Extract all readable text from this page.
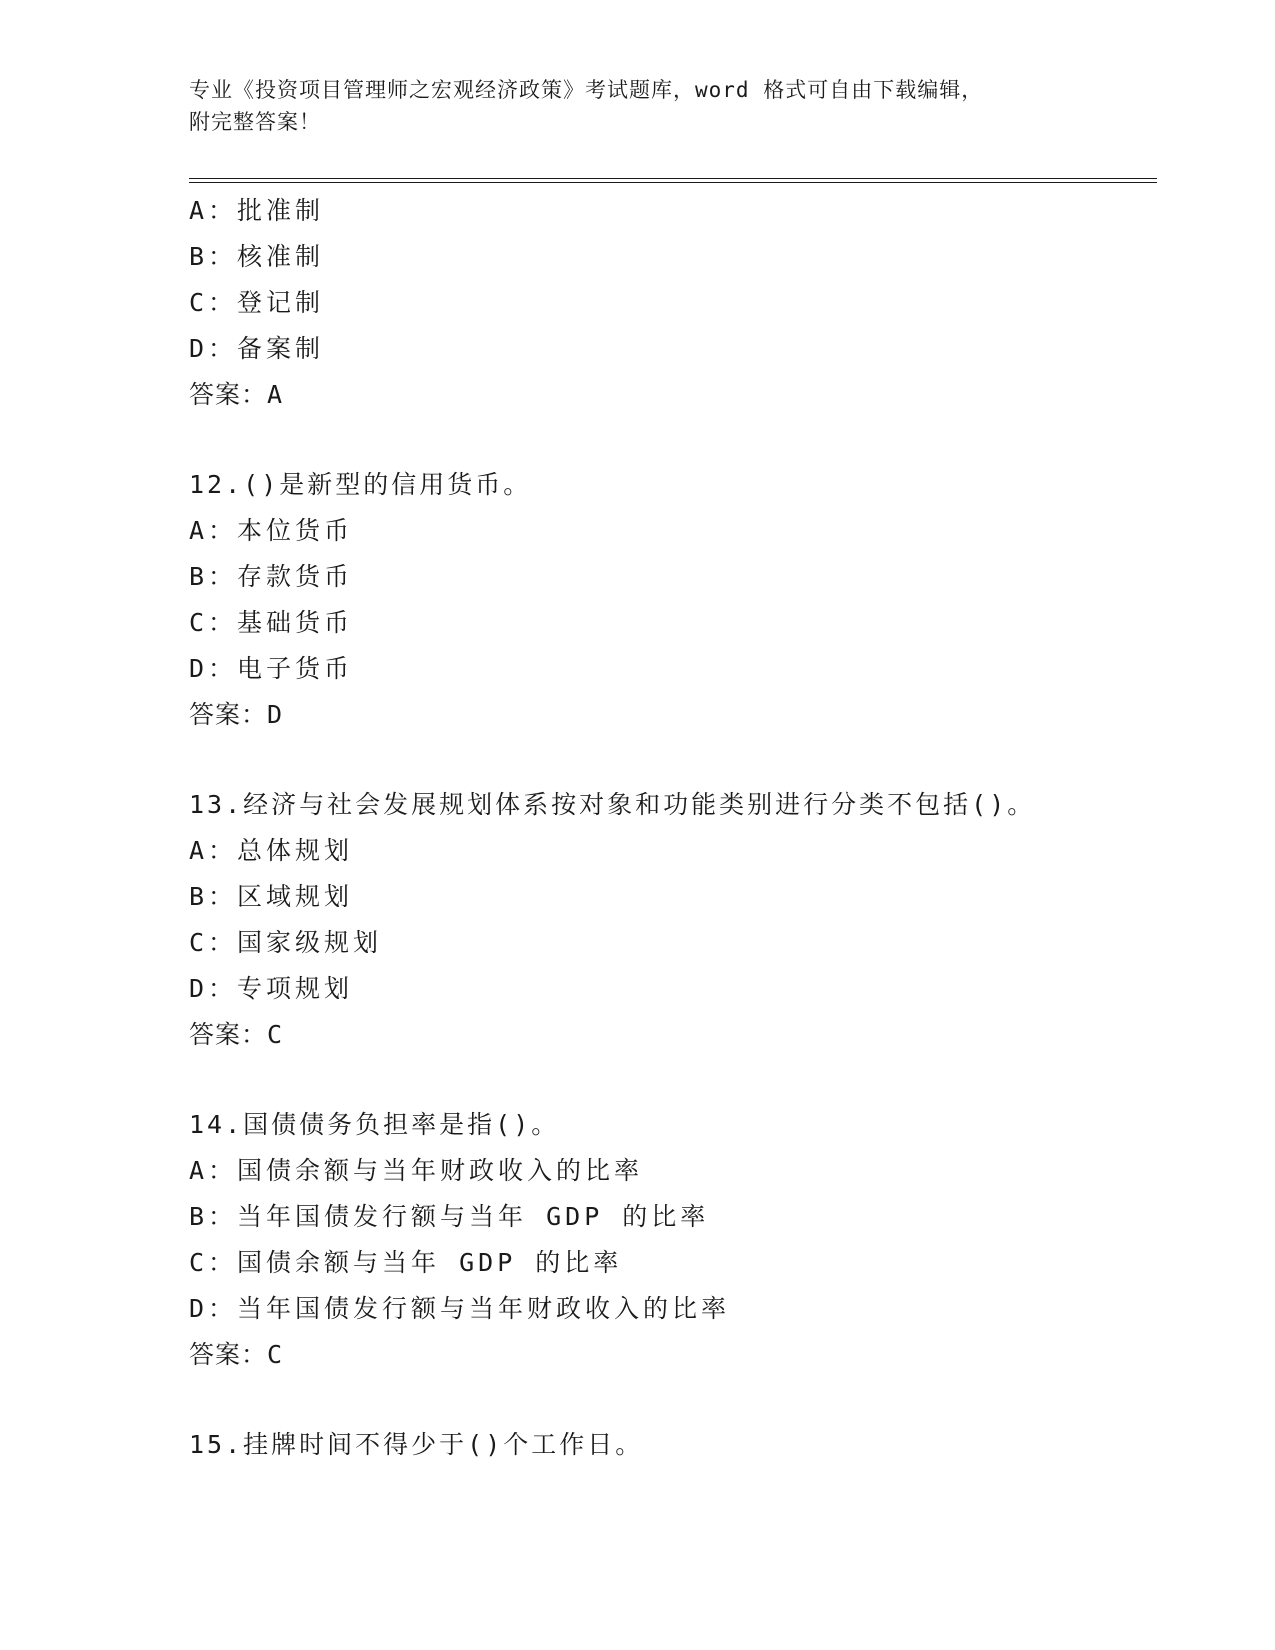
专业《投资项目管理师之宏观经济政策》考试题库，word 格式可自由下载编辑，
附完整答案！
A：批准制
B：核准制
C：登记制
D：备案制
答案：A
12.()是新型的信用货币。
A：本位货币
B：存款货币
C：基础货币
D：电子货币
答案：D
13.经济与社会发展规划体系按对象和功能类别进行分类不包括()。
A：总体规划
B：区域规划
C：国家级规划
D：专项规划
答案：C
14.国债债务负担率是指()。
A：国债余额与当年财政收入的比率
B：当年国债发行额与当年 GDP 的比率
C：国债余额与当年 GDP 的比率
D：当年国债发行额与当年财政收入的比率
答案：C
15.挂牌时间不得少于()个工作日。
